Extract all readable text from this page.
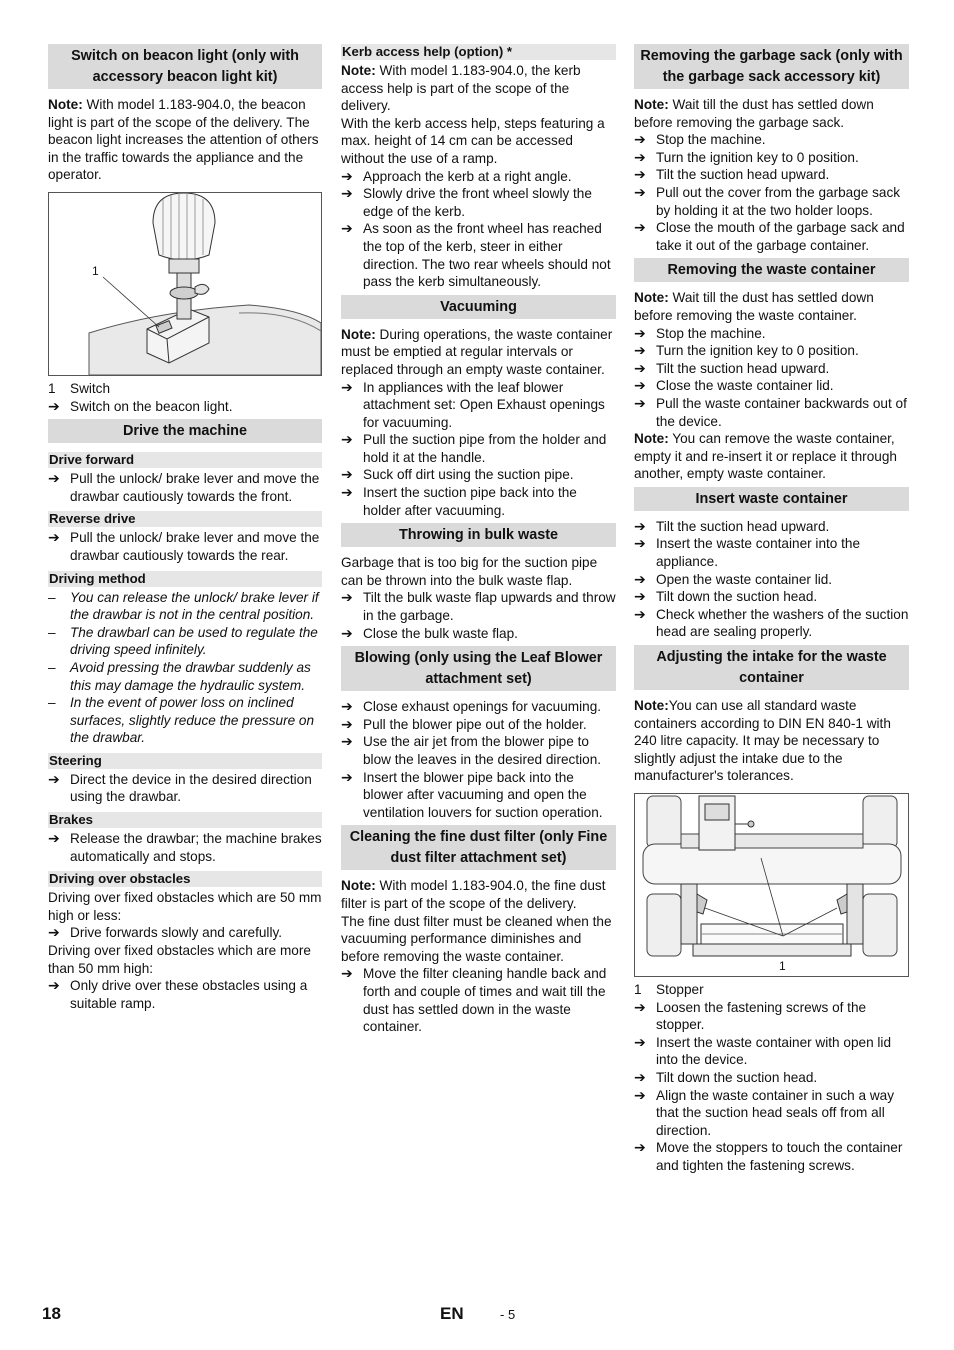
Switch on beacon light (only with accessory beacon light kit)

Note: With model 1.183-904.0, the beacon light is part of the scope of the delivery. The beacon light increases the attention of others in the traffic towards the appliance and the operator.

1
1 Switch
➔ Switch on the beacon light.
Drive the machine
Drive forward
➔ Pull the unlock/ brake lever and move the drawbar cautiously towards the front.
Reverse drive
➔ Pull the unlock/ brake lever and move the drawbar cautiously towards the rear.
Driving method
– You can release the unlock/ brake lever if the drawbar is not in the central position.
– The drawbarl can be used to regulate the driving speed infinitely.
– Avoid pressing the drawbar suddenly as this may damage the hydraulic system.
– In the event of power loss on inclined surfaces, slightly reduce the pressure on the drawbar.
Steering
➔ Direct the device in the desired direction using the drawbar.
Brakes
➔ Release the drawbar; the machine brakes automatically and stops.
Driving over obstacles

Driving over fixed obstacles which are 50 mm high or less:

➔ Drive forwards slowly and carefully.

Driving over fixed obstacles which are more than 50 mm high:

➔ Only drive over these obstacles using a suitable ramp.
Kerb access help (option) *

Note: With model 1.183-904.0, the kerb access help is part of the scope of the delivery.

With the kerb access help, steps featuring a max. height of 14 cm can be accessed without the use of a ramp.

➔ Approach the kerb at a right angle.
➔ Slowly drive the front wheel slowly the edge of the kerb.
➔ As soon as the front wheel has reached the top of the kerb, steer in either direction. The two rear wheels should not pass the kerb simultaneously.
Vacuuming

Note: During operations, the waste container must be emptied at regular intervals or replaced through an empty waste container.

➔ In appliances with the leaf blower attachment set: Open Exhaust openings for vacuuming.
➔ Pull the suction pipe from the holder and hold it at the handle.
➔ Suck off dirt using the suction pipe.
➔ Insert the suction pipe back into the holder after vacuuming.
Throwing in bulk waste

Garbage that is too big for the suction pipe can be thrown into the bulk waste flap.

➔ Tilt the bulk waste flap upwards and throw in the garbage.
➔ Close the bulk waste flap.
Blowing (only using the Leaf Blower attachment set)
➔ Close exhaust openings for vacuuming.
➔ Pull the blower pipe out of the holder.
➔ Use the air jet from the blower pipe to blow the leaves in the desired direction.
➔ Insert the blower pipe back into the blower after vacuuming and open the ventilation louvers for suction operation.
Cleaning the fine dust filter (only Fine dust filter attachment set)

Note: With model 1.183-904.0, the fine dust filter is part of the scope of the delivery.

The fine dust filter must be cleaned when the vacuuming performance diminishes and before removing the waste container.

➔ Move the filter cleaning handle back and forth and couple of times and wait till the dust has settled down in the waste container.
Removing the garbage sack (only with the garbage sack accessory kit)

Note: Wait till the dust has settled down before removing the garbage sack.

➔ Stop the machine.
➔ Turn the ignition key to 0 position.
➔ Tilt the suction head upward.
➔ Pull out the cover from the garbage sack by holding it at the two holder loops.
➔ Close the mouth of the garbage sack and take it out of the garbage container.
Removing the waste container

Note: Wait till the dust has settled down before removing the waste container.

➔ Stop the machine.
➔ Turn the ignition key to 0 position.
➔ Tilt the suction head upward.
➔ Close the waste container lid.
➔ Pull the waste container backwards out of the device.

Note: You can remove the waste container, empty it and re-insert it or replace it through another, empty waste container.

Insert waste container
➔ Tilt the suction head upward.
➔ Insert the waste container into the appliance.
➔ Open the waste container lid.
➔ Tilt down the suction head.
➔ Check whether the washers of the suction head are sealing properly.
Adjusting the intake for the waste container

Note:You can use all standard waste containers according to DIN EN 840-1 with 240 litre capacity. It may be necessary to slightly adjust the intake due to the manufacturer's tolerances.

1
1 Stopper
➔ Loosen the fastening screws of the stopper.
➔ Insert the waste container with open lid into the device.
➔ Tilt down the suction head.
➔ Align the waste container in such a way that the suction head seals off from all direction.
➔ Move the stoppers to touch the container and tighten the fastening screws.
18	EN	- 5
